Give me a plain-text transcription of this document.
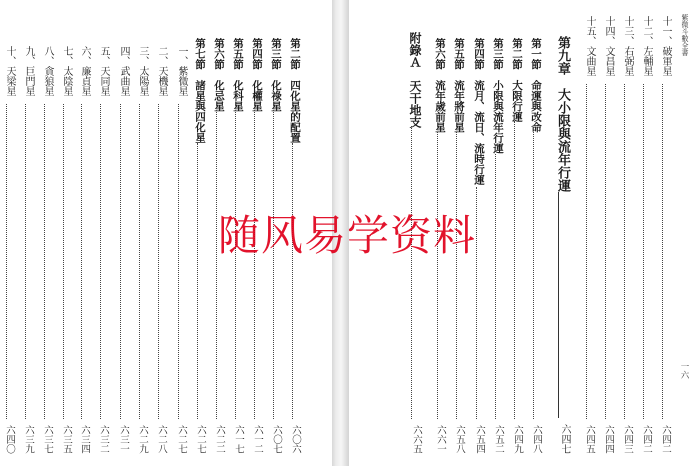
第二節　四化星的配置
六〇六
第三節　化祿星
六〇七
第四節　化權星
六一二
第五節　化科星
六一七
第六節　化忌星
六二二
第七節　諸星與四化星
六二七
一、紫微星
六二七
二、天機星
六二八
三、太陽星
六二九
四、武曲星
六三一
五、天同星
六三二
六、廉貞星
六三四
七、太陰星
六三五
八、貪狼星
六三七
九、巨門星
六三九
十、天梁星
六四〇
十一、破軍星
六四二
十二、左輔星
六四二
十三、右弼星
六四三
十四、文昌星
六四四
十五、文曲星
六四五
第九章　大小限與流年行運
六四七
第一節　命運與改命
六四八
第二節　大限行運
六四九
第三節　小限與流年行運
六五二
第四節　流月、流日、流時行運
六五四
第五節　流年將前星
六五八
第六節　流年歲前星
六六一
附錄Ａ　天干地支
六六五
紫微斗數全書
一六
随风易学资料
